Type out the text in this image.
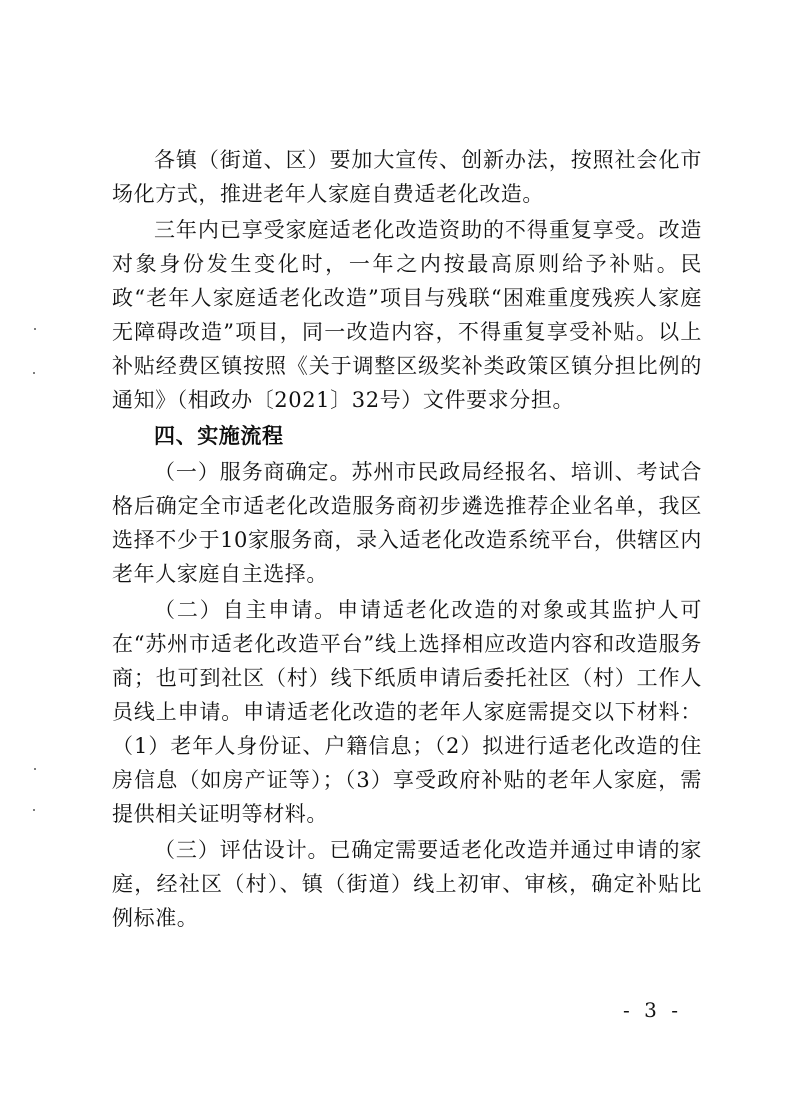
各镇（街道、区）要加大宣传、创新办法，按照社会化市场化方式，推进老年人家庭自费适老化改造。

三年内已享受家庭适老化改造资助的不得重复享受。改造对象身份发生变化时，一年之内按最高原则给予补贴。民政“老年人家庭适老化改造”项目与残联“困难重度残疾人家庭无障碍改造”项目，同一改造内容，不得重复享受补贴。以上补贴经费区镇按照《关于调整区级奖补类政策区镇分担比例的通知》（相政办〔2021〕32号）文件要求分担。

四、实施流程

（一）服务商确定。苏州市民政局经报名、培训、考试合格后确定全市适老化改造服务商初步遴选推荐企业名单，我区选择不少于10家服务商，录入适老化改造系统平台，供辖区内老年人家庭自主选择。

（二）自主申请。申请适老化改造的对象或其监护人可在“苏州市适老化改造平台”线上选择相应改造内容和改造服务商；也可到社区（村）线下纸质申请后委托社区（村）工作人员线上申请。申请适老化改造的老年人家庭需提交以下材料：（1）老年人身份证、户籍信息；（2）拟进行适老化改造的住房信息（如房产证等）；（3）享受政府补贴的老年人家庭，需提供相关证明等材料。

（三）评估设计。已确定需要适老化改造并通过申请的家庭，经社区（村）、镇（街道）线上初审、审核，确定补贴比例标准。

- 3 -
